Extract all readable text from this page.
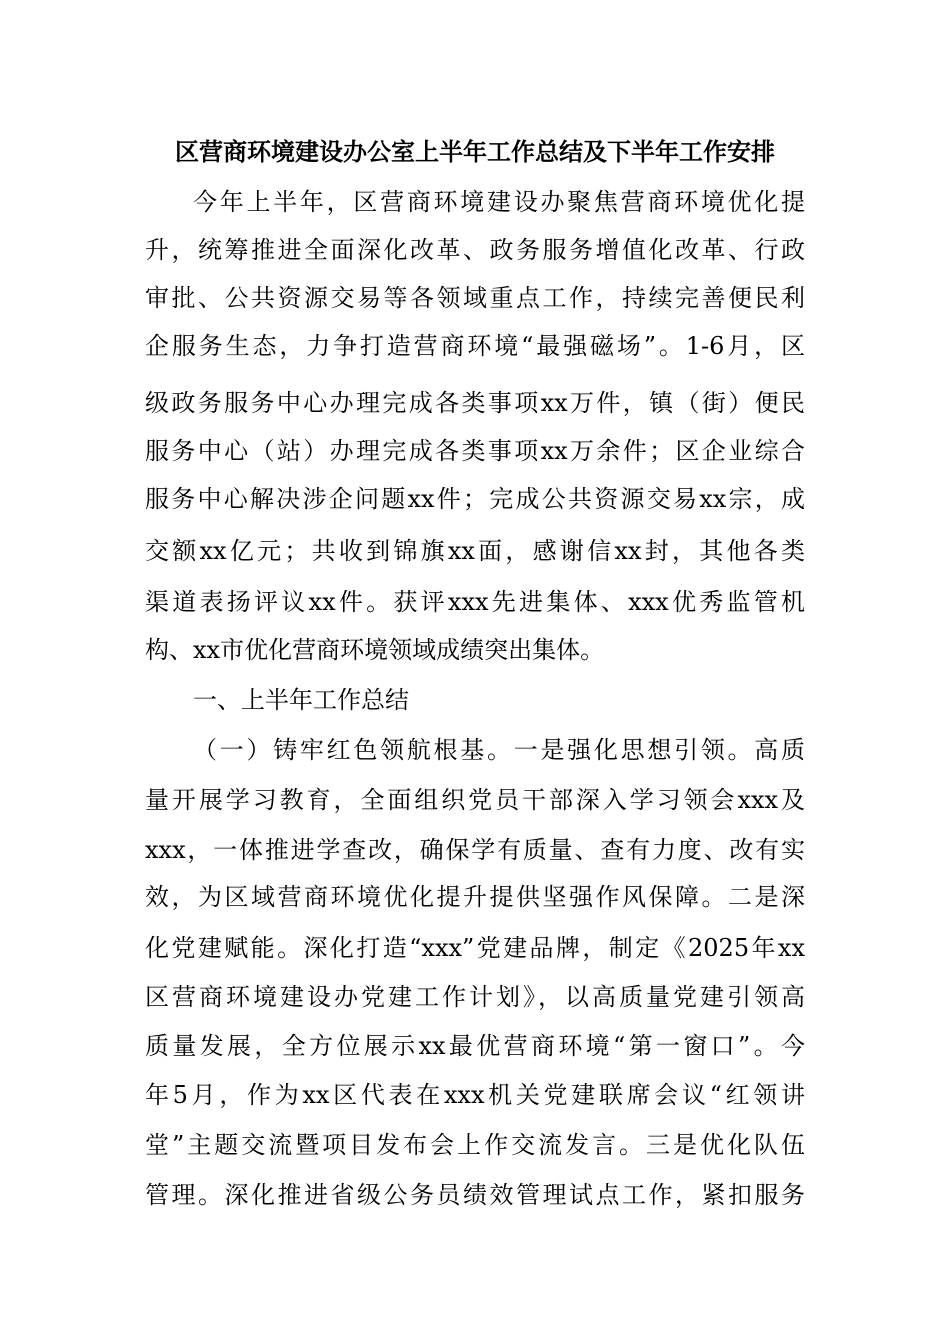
区营商环境建设办公室上半年工作总结及下半年工作安排
今年上半年，区营商环境建设办聚焦营商环境优化提
升，统筹推进全面深化改革、政务服务增值化改革、行政
审批、公共资源交易等各领域重点工作，持续完善便民利
企服务生态，力争打造营商环境“最强磁场”。1-6月，区
级政务服务中心办理完成各类事项xx万件，镇（街）便民
服务中心（站）办理完成各类事项xx万余件；区企业综合
服务中心解决涉企问题xx件；完成公共资源交易xx宗，成
交额xx亿元；共收到锦旗xx面，感谢信xx封，其他各类
渠道表扬评议xx件。获评xxx先进集体、xxx优秀监管机
构、xx市优化营商环境领域成绩突出集体。
一、上半年工作总结
（一）铸牢红色领航根基。一是强化思想引领。高质
量开展学习教育，全面组织党员干部深入学习领会xxx及
xxx，一体推进学查改，确保学有质量、查有力度、改有实
效，为区域营商环境优化提升提供坚强作风保障。二是深
化党建赋能。深化打造“xxx”党建品牌，制定《2025年xx
区营商环境建设办党建工作计划》，以高质量党建引领高
质量发展，全方位展示xx最优营商环境“第一窗口”。今
年5月，作为xx区代表在xxx机关党建联席会议“红领讲
堂”主题交流暨项目发布会上作交流发言。三是优化队伍
管理。深化推进省级公务员绩效管理试点工作，紧扣服务
